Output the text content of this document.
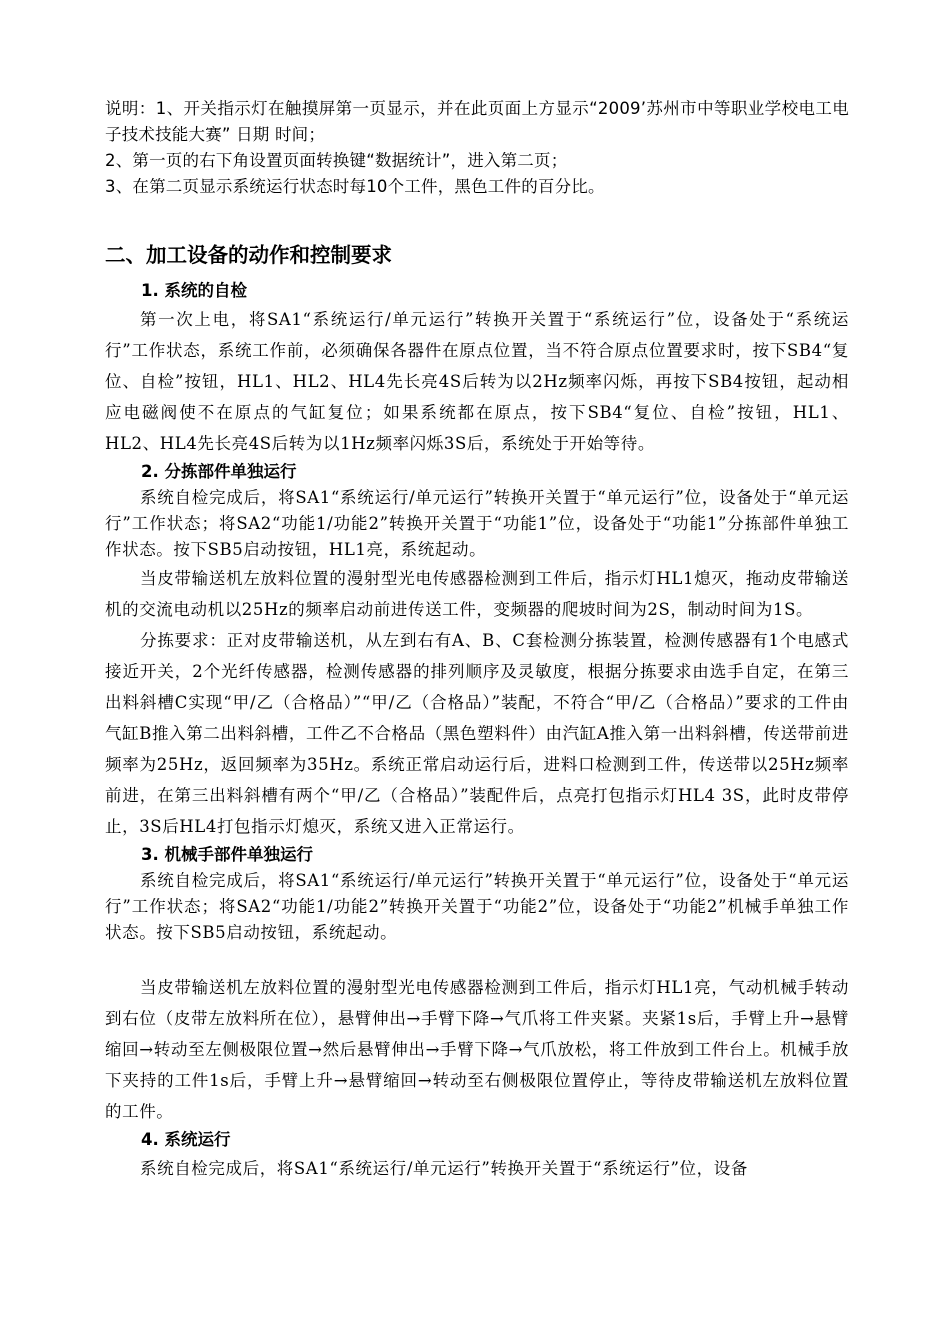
说明：1、开关指示灯在触摸屏第一页显示，并在此页面上方显示“2009’苏州市中等职业学校电工电子技术技能大赛” 日期 时间；

2、第一页的右下角设置页面转换键“数据统计”，进入第二页；

3、在第二页显示系统运行状态时每10个工件，黑色工件的百分比。

二、加工设备的动作和控制要求
1. 系统的自检

第一次上电，将SA1“系统运行/单元运行”转换开关置于“系统运行”位，设备处于“系统运行”工作状态，系统工作前，必须确保各器件在原点位置，当不符合原点位置要求时，按下SB4“复位、自检”按钮，HL1、HL2、HL4先长亮4S后转为以2Hz频率闪烁，再按下SB4按钮，起动相应电磁阀使不在原点的气缸复位；如果系统都在原点，按下SB4“复位、自检”按钮，HL1、HL2、HL4先长亮4S后转为以1Hz频率闪烁3S后，系统处于开始等待。

2. 分拣部件单独运行

系统自检完成后，将SA1“系统运行/单元运行”转换开关置于“单元运行”位，设备处于“单元运行”工作状态；将SA2“功能1/功能2”转换开关置于“功能1”位，设备处于“功能1”分拣部件单独工作状态。按下SB5启动按钮，HL1亮，系统起动。

当皮带输送机左放料位置的漫射型光电传感器检测到工件后，指示灯HL1熄灭，拖动皮带输送机的交流电动机以25Hz的频率启动前进传送工件，变频器的爬坡时间为2S，制动时间为1S。

分拣要求：正对皮带输送机，从左到右有A、B、C套检测分拣装置，检测传感器有1个电感式接近开关，2个光纤传感器，检测传感器的排列顺序及灵敏度，根据分拣要求由选手自定，在第三出料斜槽C实现“甲/乙（合格品）”“甲/乙（合格品）”装配，不符合“甲/乙（合格品）”要求的工件由气缸B推入第二出料斜槽，工件乙不合格品（黑色塑料件）由汽缸A推入第一出料斜槽，传送带前进频率为25Hz，返回频率为35Hz。系统正常启动运行后，进料口检测到工件，传送带以25Hz频率前进，在第三出料斜槽有两个“甲/乙（合格品）”装配件后，点亮打包指示灯HL4 3S，此时皮带停止，3S后HL4打包指示灯熄灭，系统又进入正常运行。

3. 机械手部件单独运行

系统自检完成后，将SA1“系统运行/单元运行”转换开关置于“单元运行”位，设备处于“单元运行”工作状态；将SA2“功能1/功能2”转换开关置于“功能2”位，设备处于“功能2”机械手单独工作状态。按下SB5启动按钮，系统起动。

当皮带输送机左放料位置的漫射型光电传感器检测到工件后，指示灯HL1亮，气动机械手转动到右位（皮带左放料所在位），悬臂伸出→手臂下降→气爪将工件夹紧。夹紧1s后，手臂上升→悬臂缩回→转动至左侧极限位置→然后悬臂伸出→手臂下降→气爪放松，将工件放到工件台上。机械手放下夹持的工件1s后，手臂上升→悬臂缩回→转动至右侧极限位置停止，等待皮带输送机左放料位置的工件。

4. 系统运行

系统自检完成后，将SA1“系统运行/单元运行”转换开关置于“系统运行”位，设备
